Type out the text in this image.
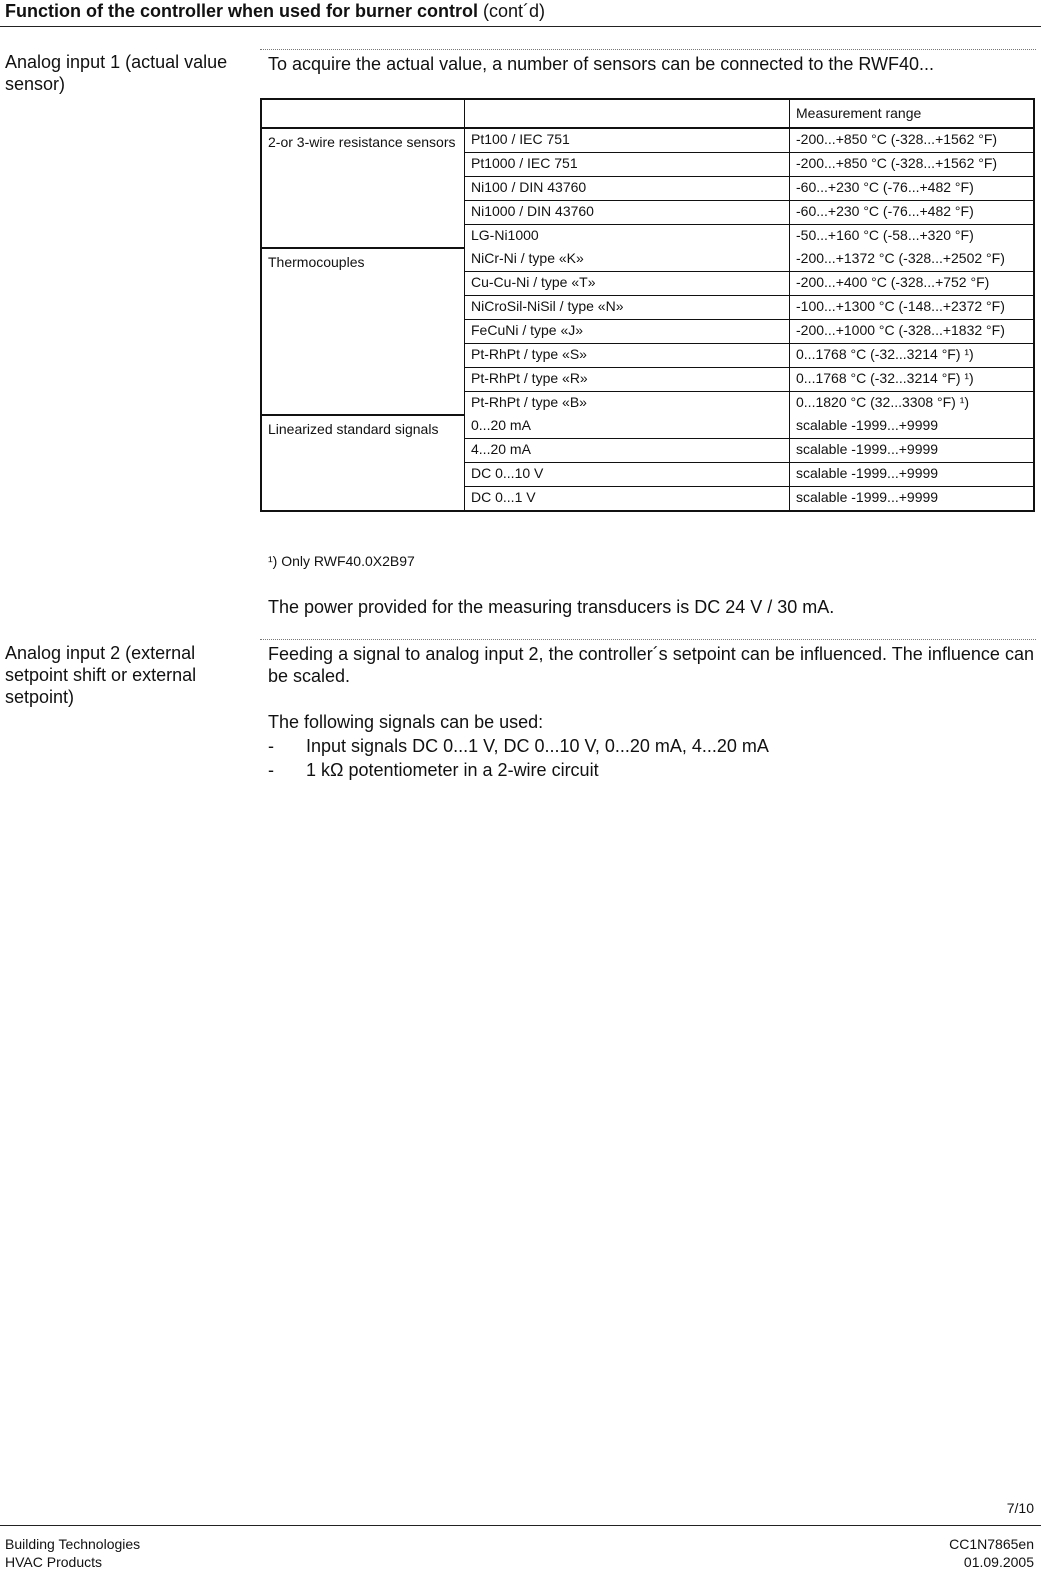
Function of the controller when used for burner control (cont´d)
Analog input 1 (actual value sensor)
To acquire the actual value, a number of sensors can be connected to the RWF40...
		Measurement range
2-or 3-wire resistance sensors	Pt100 / IEC 751	-200...+850 °C (-328...+1562 °F)
	Pt1000 / IEC 751	-200...+850 °C (-328...+1562 °F)
	Ni100 / DIN 43760	-60...+230 °C (-76...+482 °F)
	Ni1000 / DIN 43760	-60...+230 °C (-76...+482 °F)
	LG-Ni1000	-50...+160 °C (-58...+320 °F)
Thermocouples	NiCr-Ni / type «K»	-200...+1372 °C (-328...+2502 °F)
	Cu-Cu-Ni / type «T»	-200...+400 °C (-328...+752 °F)
	NiCroSil-NiSil / type «N»	-100...+1300 °C (-148...+2372 °F)
	FeCuNi / type «J»	-200...+1000 °C (-328...+1832 °F)
	Pt-RhPt / type «S»	0...1768 °C (-32...3214 °F) ¹)
	Pt-RhPt / type «R»	0...1768 °C (-32...3214 °F) ¹)
	Pt-RhPt / type «B»	0...1820 °C (32...3308 °F) ¹)
Linearized standard signals	0...20 mA	scalable -1999...+9999
	4...20 mA	scalable -1999...+9999
	DC 0...10 V	scalable -1999...+9999
	DC 0...1 V	scalable -1999...+9999
¹) Only RWF40.0X2B97
The power provided for the measuring transducers is DC 24 V / 30 mA.
Analog input 2 (external setpoint shift or external setpoint)
Feeding a signal to analog input 2, the controller´s setpoint can be influenced. The influence can be scaled.
The following signals can be used:
-	Input signals DC 0...1 V, DC 0...10 V, 0...20 mA, 4...20 mA
-	1 kΩ potentiometer in a 2-wire circuit
7/10
Building Technologies
HVAC Products
CC1N7865en
01.09.2005
